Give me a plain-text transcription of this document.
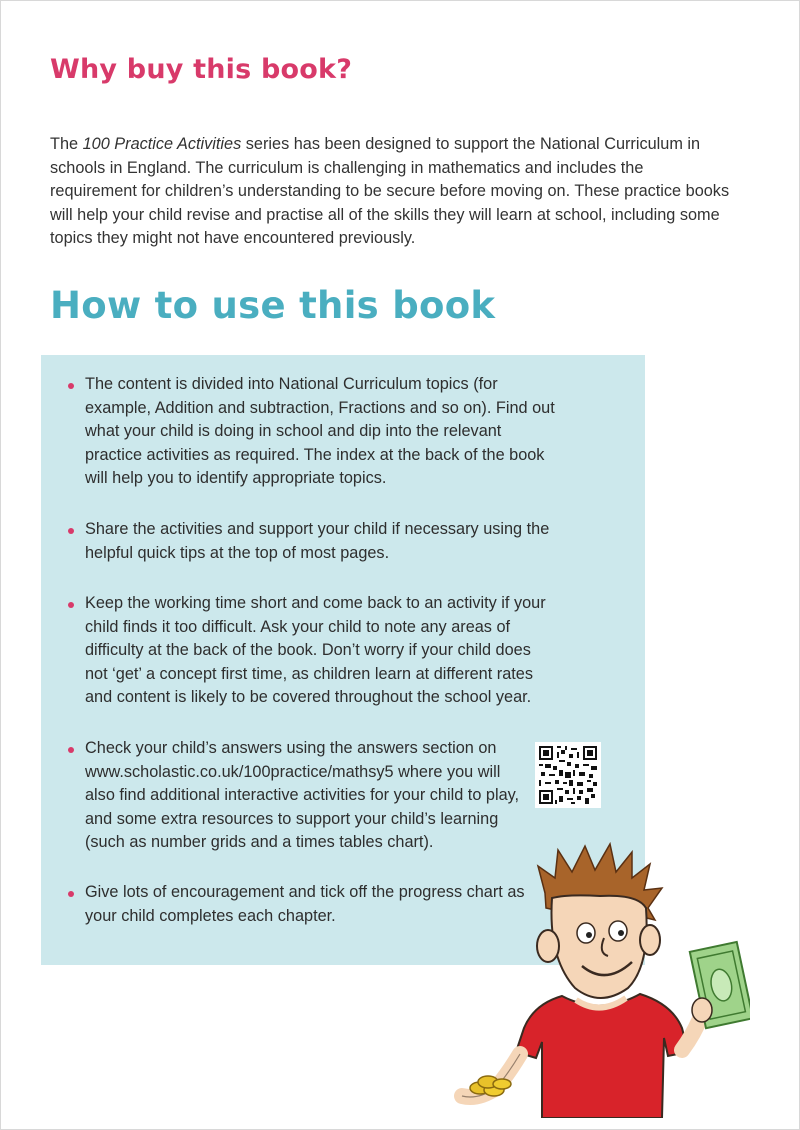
Why buy this book?

The 100 Practice Activities series has been designed to support the National Curriculum in schools in England. The curriculum is challenging in mathematics and includes the requirement for children’s understanding to be secure before moving on. These practice books will help your child revise and practise all of the skills they will learn at school, including some topics they might not have encountered previously.

How to use this book
The content is divided into National Curriculum topics (for example, Addition and subtraction, Fractions and so on). Find out what your child is doing in school and dip into the relevant practice activities as required. The index at the back of the book will help you to identify appropriate topics.
Share the activities and support your child if necessary using the helpful quick tips at the top of most pages.
Keep the working time short and come back to an activity if your child finds it too difficult. Ask your child to note any areas of difficulty at the back of the book. Don’t worry if your child does not ‘get’ a concept first time, as children learn at different rates and content is likely to be covered throughout the school year.
Check your child’s answers using the answers section on www.scholastic.co.uk/100practice/mathsy5 where you will also find additional interactive activities for your child to play, and some extra resources to support your child’s learning (such as number grids and a times tables chart).
Give lots of encouragement and tick off the progress chart as your child completes each chapter.
